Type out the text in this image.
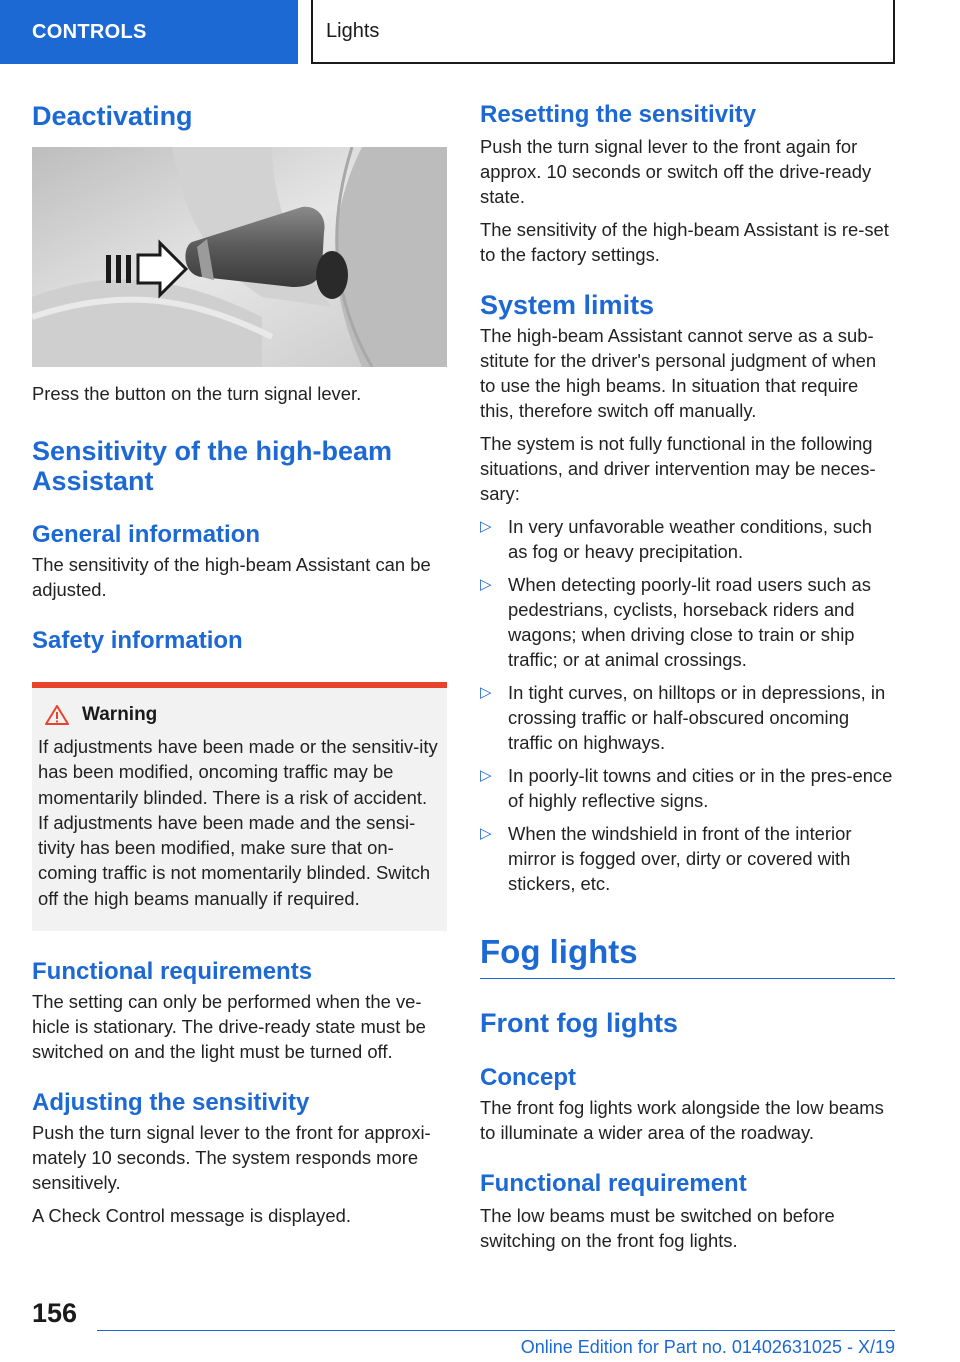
CONTROLS	Lights
Deactivating

Press the button on the turn signal lever.

Sensitivity of the high-beam Assistant
General information

The sensitivity of the high-beam Assistant can be adjusted.

Safety information
Warning

If adjustments have been made or the sensitiv-ity has been modified, oncoming traffic may be momentarily blinded. There is a risk of accident. If adjustments have been made and the sensi-tivity has been modified, make sure that on-coming traffic is not momentarily blinded. Switch off the high beams manually if required.

Functional requirements

The setting can only be performed when the ve-hicle is stationary. The drive-ready state must be switched on and the light must be turned off.

Adjusting the sensitivity

Push the turn signal lever to the front for approxi-mately 10 seconds. The system responds more sensitively.

A Check Control message is displayed.

Resetting the sensitivity

Push the turn signal lever to the front again for approx. 10 seconds or switch off the drive-ready state.

The sensitivity of the high-beam Assistant is re-set to the factory settings.

System limits

The high-beam Assistant cannot serve as a sub-stitute for the driver's personal judgment of when to use the high beams. In situation that require this, therefore switch off manually.

The system is not fully functional in the following situations, and driver intervention may be neces-sary:

▷ In very unfavorable weather conditions, such as fog or heavy precipitation.
▷ When detecting poorly-lit road users such as pedestrians, cyclists, horseback riders and wagons; when driving close to train or ship traffic; or at animal crossings.
▷ In tight curves, on hilltops or in depressions, in crossing traffic or half-obscured oncoming traffic on highways.
▷ In poorly-lit towns and cities or in the pres-ence of highly reflective signs.
▷ When the windshield in front of the interior mirror is fogged over, dirty or covered with stickers, etc.
Fog lights
Front fog lights
Concept

The front fog lights work alongside the low beams to illuminate a wider area of the roadway.

Functional requirement

The low beams must be switched on before switching on the front fog lights.

156
Online Edition for Part no. 01402631025 - X/19
